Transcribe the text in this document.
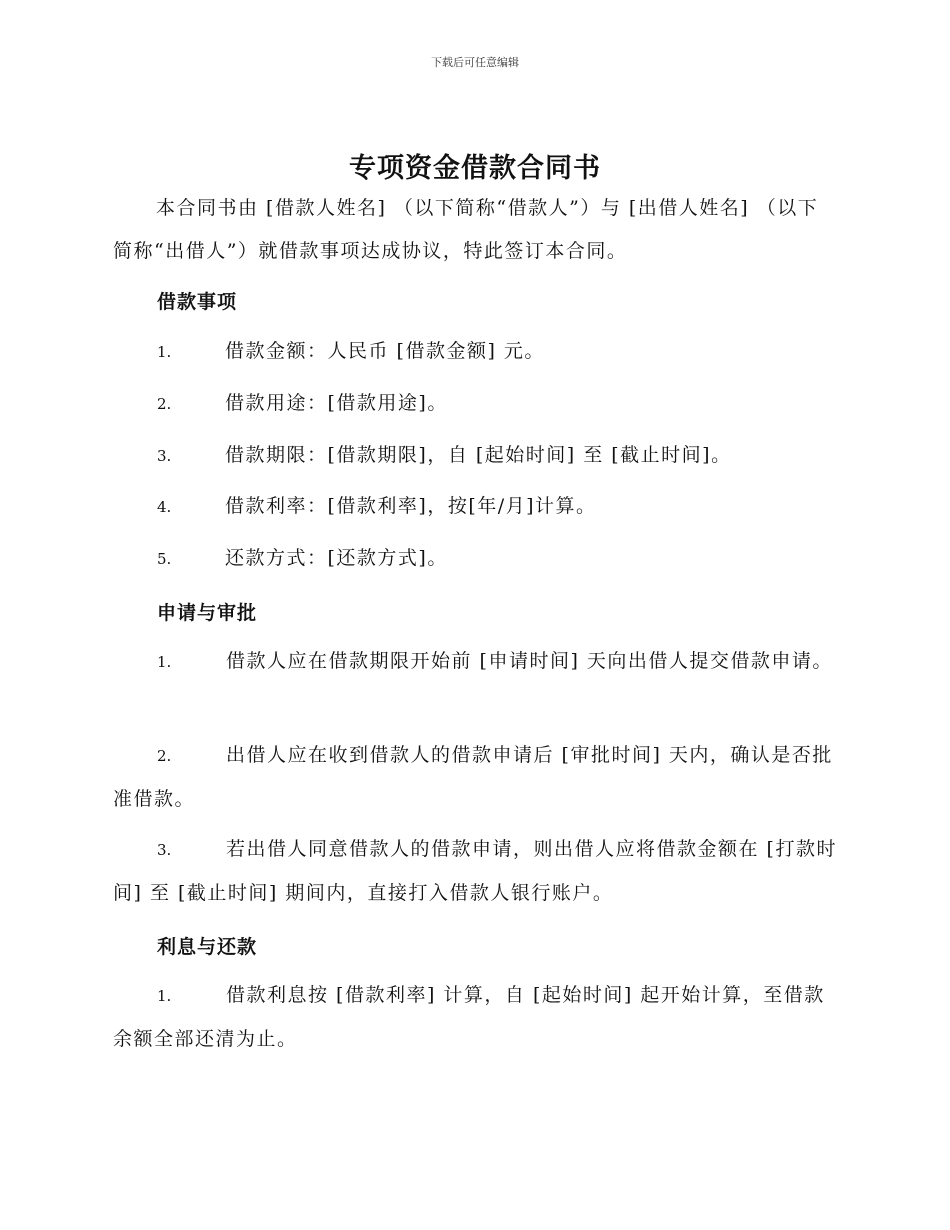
下载后可任意编辑
专项资金借款合同书
本合同书由 [借款人姓名] （以下简称“借款人”）与 [出借人姓名] （以下简称“出借人”）就借款事项达成协议，特此签订本合同。
借款事项
1.	借款金额：人民币 [借款金额] 元。
2.	借款用途：[借款用途]。
3.	借款期限：[借款期限]，自 [起始时间] 至 [截止时间]。
4.	借款利率：[借款利率]，按[年/月]计算。
5.	还款方式：[还款方式]。
申请与审批
1.	借款人应在借款期限开始前 [申请时间] 天向出借人提交借款申请。
2.	出借人应在收到借款人的借款申请后 [审批时间] 天内，确认是否批准借款。
3.	若出借人同意借款人的借款申请，则出借人应将借款金额在 [打款时间] 至 [截止时间] 期间内，直接打入借款人银行账户。
利息与还款
1.	借款利息按 [借款利率] 计算，自 [起始时间] 起开始计算，至借款余额全部还清为止。
